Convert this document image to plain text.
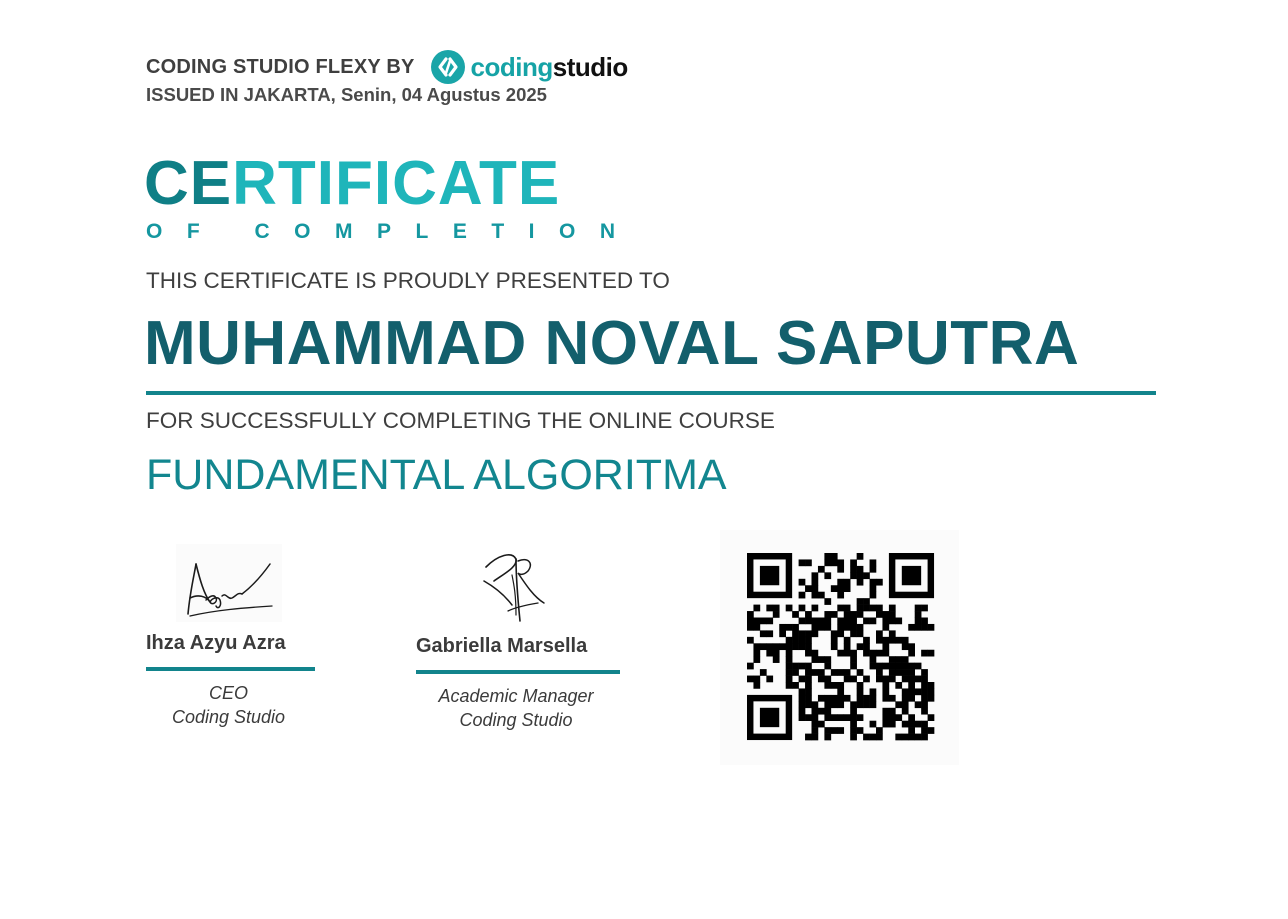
CODING STUDIO FLEXY BY codingstudio
ISSUED IN JAKARTA, Senin, 04 Agustus 2025
CERTIFICATE
OF COMPLETION
THIS CERTIFICATE IS PROUDLY PRESENTED TO
MUHAMMAD NOVAL SAPUTRA
FOR SUCCESSFULLY COMPLETING THE ONLINE COURSE
FUNDAMENTAL ALGORITMA
Ihza Azyu Azra
CEO
Coding Studio
Gabriella Marsella
Academic Manager
Coding Studio
